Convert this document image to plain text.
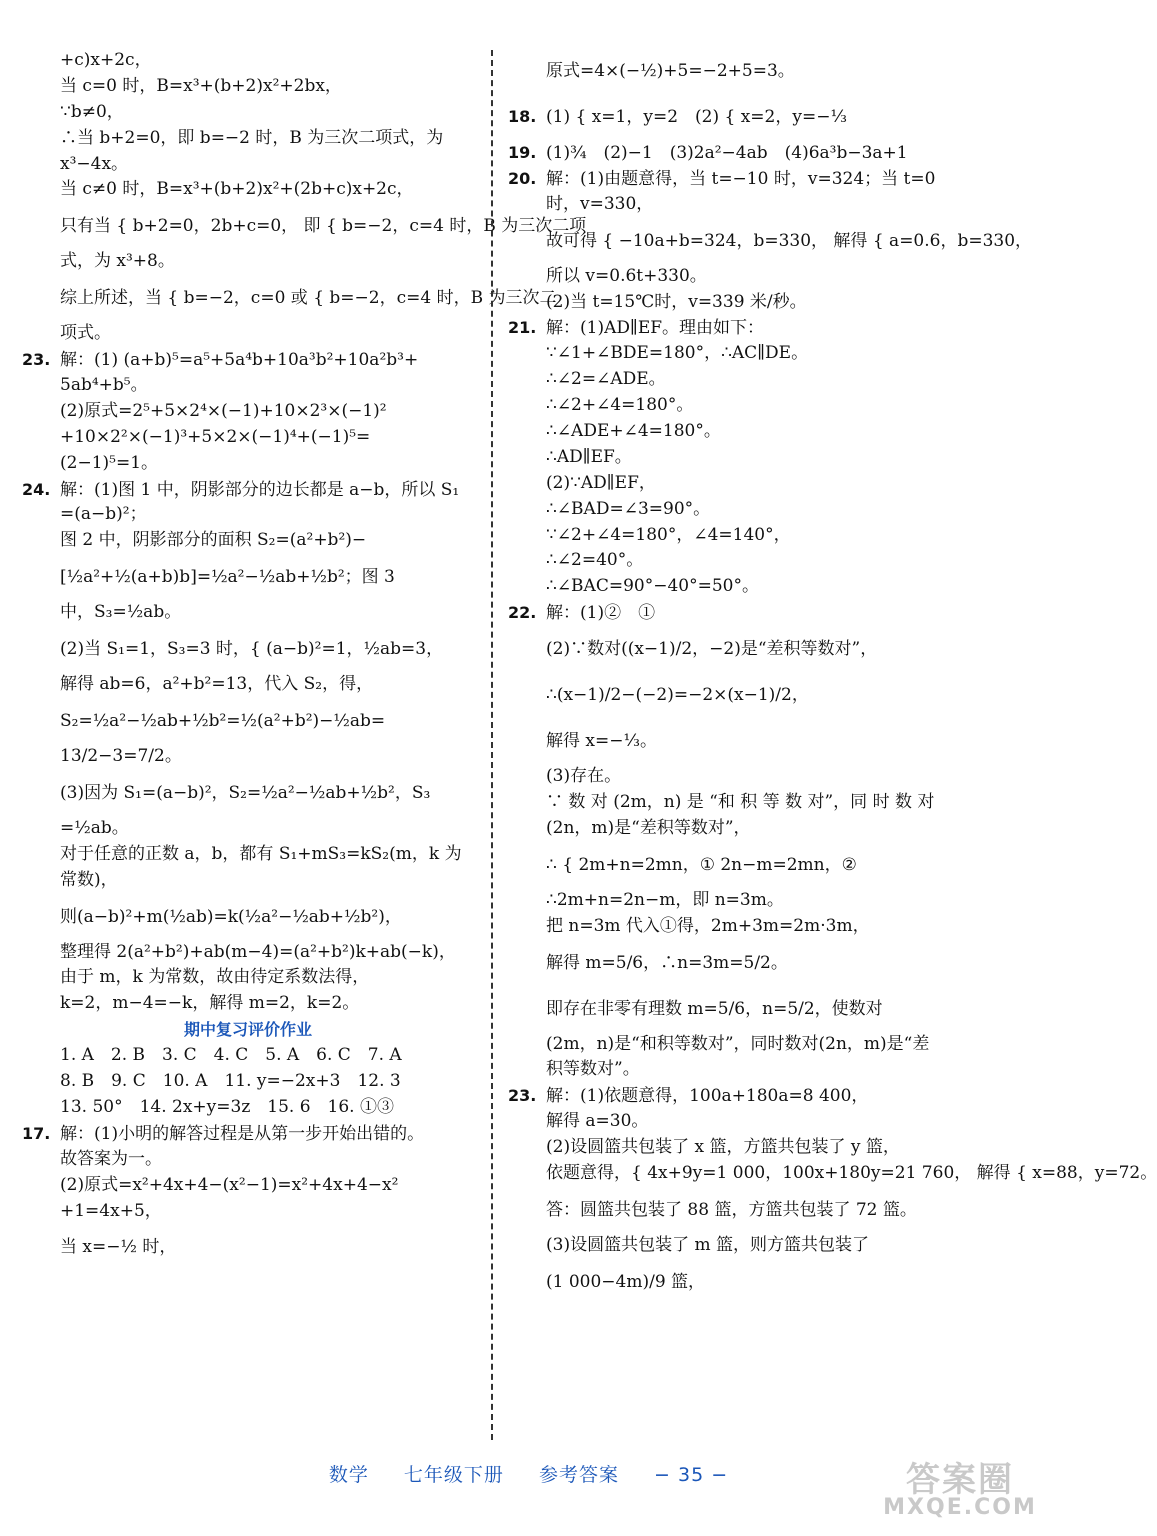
+c)x+2c，
当 c=0 时，B=x³+(b+2)x²+2bx，
∵b≠0，
∴当 b+2=0，即 b=−2 时，B 为三次二项式，为
x³−4x。
当 c≠0 时，B=x³+(b+2)x²+(2b+c)x+2c，
只有当 { b+2=0，2b+c=0， 即 { b=−2，c=4 时，B 为三次二项
式，为 x³+8。
综上所述，当 { b=−2，c=0 或 { b=−2，c=4 时，B 为三次二
项式。
23. 解：(1) (a+b)⁵=a⁵+5a⁴b+10a³b²+10a²b³+
5ab⁴+b⁵。
(2)原式=2⁵+5×2⁴×(−1)+10×2³×(−1)²
+10×2²×(−1)³+5×2×(−1)⁴+(−1)⁵=
(2−1)⁵=1。
24. 解：(1)图 1 中，阴影部分的边长都是 a−b，所以 S₁
=(a−b)²；
图 2 中，阴影部分的面积 S₂=(a²+b²)−
[½a²+½(a+b)b]=½a²−½ab+½b²；图 3
中，S₃=½ab。
(2)当 S₁=1，S₃=3 时，{ (a−b)²=1，½ab=3，
解得 ab=6，a²+b²=13，代入 S₂，得，
S₂=½a²−½ab+½b²=½(a²+b²)−½ab=
13/2−3=7/2。
(3)因为 S₁=(a−b)²，S₂=½a²−½ab+½b²，S₃
=½ab。
对于任意的正数 a，b，都有 S₁+mS₃=kS₂(m，k 为
常数)，
则(a−b)²+m(½ab)=k(½a²−½ab+½b²)，
整理得 2(a²+b²)+ab(m−4)=(a²+b²)k+ab(−k)，
由于 m，k 为常数，故由待定系数法得，
k=2，m−4=−k，解得 m=2，k=2。
期中复习评价作业
1. A　2. B　3. C　4. C　5. A　6. C　7. A
8. B　9. C　10. A　11. y=−2x+3　12. 3
13. 50°　14. 2x+y=3z　15. 6　16. ①③
17. 解：(1)小明的解答过程是从第一步开始出错的。
故答案为一。
(2)原式=x²+4x+4−(x²−1)=x²+4x+4−x²
+1=4x+5，
当 x=−½ 时，
原式=4×(−½)+5=−2+5=3。
18. (1) { x=1，y=2　(2) { x=2，y=−⅓
19. (1)¾　(2)−1　(3)2a²−4ab　(4)6a³b−3a+1
20. 解：(1)由题意得，当 t=−10 时，v=324；当 t=0
时，v=330，
故可得 { −10a+b=324，b=330， 解得 { a=0.6，b=330，
所以 v=0.6t+330。
(2)当 t=15℃时，v=339 米/秒。
21. 解：(1)AD∥EF。理由如下：
∵∠1+∠BDE=180°，∴AC∥DE。
∴∠2=∠ADE。
∴∠2+∠4=180°。
∴∠ADE+∠4=180°。
∴AD∥EF。
(2)∵AD∥EF，
∴∠BAD=∠3=90°。
∵∠2+∠4=180°，∠4=140°，
∴∠2=40°。
∴∠BAC=90°−40°=50°。
22. 解：(1)②　①
(2)∵数对((x−1)/2，−2)是“差积等数对”，
∴(x−1)/2−(−2)=−2×(x−1)/2，
解得 x=−⅓。
(3)存在。
∵ 数 对 (2m，n) 是 “和 积 等 数 对”，同 时 数 对
(2n，m)是“差积等数对”，
∴ { 2m+n=2mn，① 2n−m=2mn，②
∴2m+n=2n−m，即 n=3m。
把 n=3m 代入①得，2m+3m=2m·3m，
解得 m=5/6，∴n=3m=5/2。
即存在非零有理数 m=5/6，n=5/2，使数对
(2m，n)是“和积等数对”，同时数对(2n，m)是“差
积等数对”。
23. 解：(1)依题意得，100a+180a=8 400，
解得 a=30。
(2)设圆篮共包装了 x 篮，方篮共包装了 y 篮，
依题意得，{ 4x+9y=1 000，100x+180y=21 760， 解得 { x=88，y=72。
答：圆篮共包装了 88 篮，方篮共包装了 72 篮。
(3)设圆篮共包装了 m 篮，则方篮共包装了
(1 000−4m)/9 篮，
数学 七年级下册 参考答案 − 35 −	答案圈
MXQE.COM
